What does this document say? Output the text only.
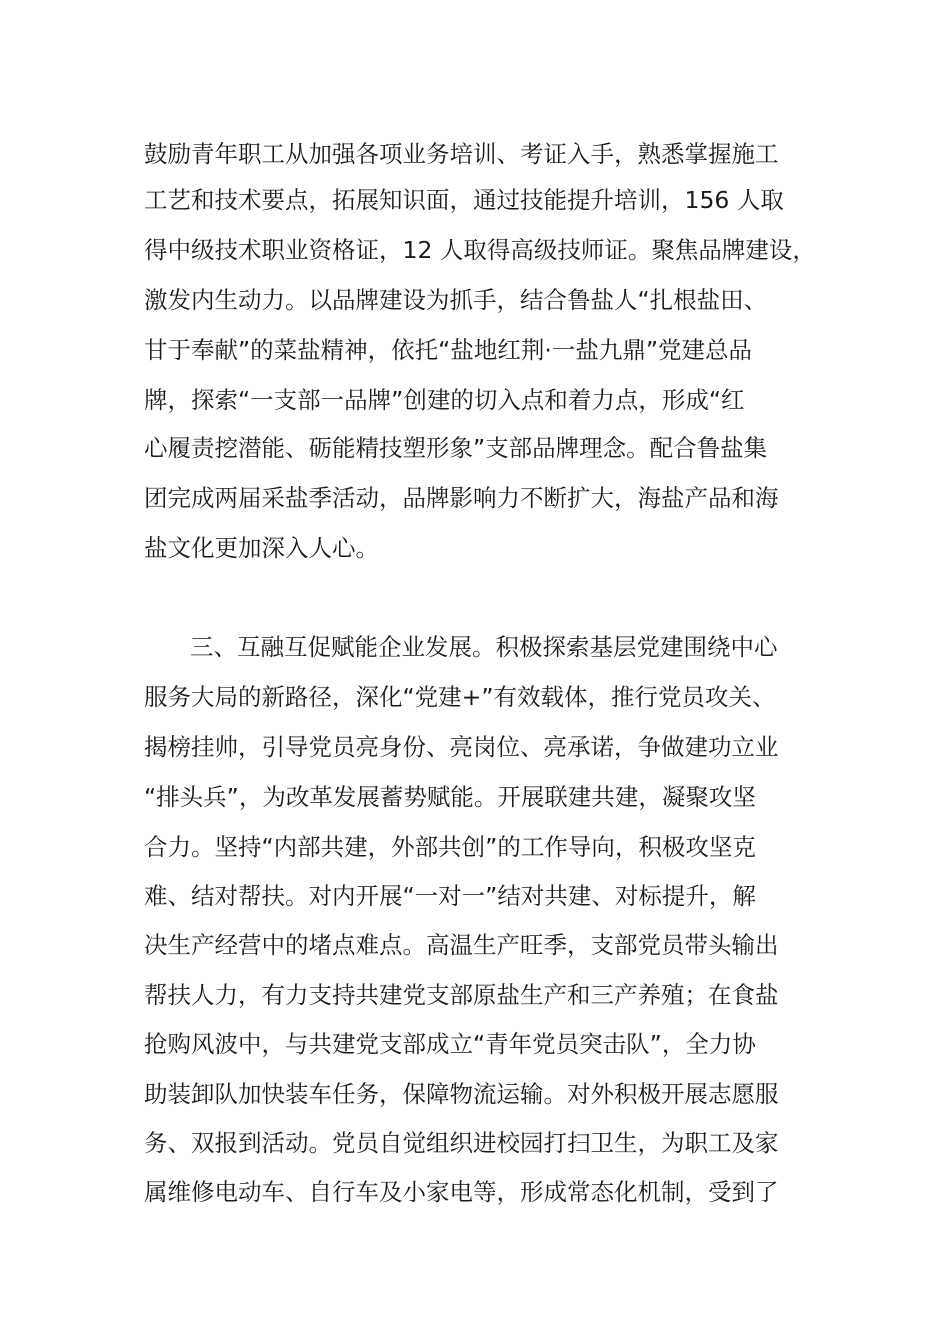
鼓励青年职工从加强各项业务培训、考证入手，熟悉掌握施工
工艺和技术要点，拓展知识面，通过技能提升培训，156 人取
得中级技术职业资格证，12 人取得高级技师证。聚焦品牌建设，
激发内生动力。以品牌建设为抓手，结合鲁盐人“扎根盐田、
甘于奉献”的菜盐精神，依托“盐地红荆·一盐九鼎”党建总品
牌，探索“一支部一品牌”创建的切入点和着力点，形成“红
心履责挖潜能、砺能精技塑形象”支部品牌理念。配合鲁盐集
团完成两届采盐季活动，品牌影响力不断扩大，海盐产品和海
盐文化更加深入人心。
三、互融互促赋能企业发展。积极探索基层党建围绕中心
服务大局的新路径，深化“党建+”有效载体，推行党员攻关、
揭榜挂帅，引导党员亮身份、亮岗位、亮承诺，争做建功立业
“排头兵”，为改革发展蓄势赋能。开展联建共建，凝聚攻坚
合力。坚持“内部共建，外部共创”的工作导向，积极攻坚克
难、结对帮扶。对内开展“一对一”结对共建、对标提升，解
决生产经营中的堵点难点。高温生产旺季，支部党员带头输出
帮扶人力，有力支持共建党支部原盐生产和三产养殖；在食盐
抢购风波中，与共建党支部成立“青年党员突击队”，全力协
助装卸队加快装车任务，保障物流运输。对外积极开展志愿服
务、双报到活动。党员自觉组织进校园打扫卫生，为职工及家
属维修电动车、自行车及小家电等，形成常态化机制，受到了
